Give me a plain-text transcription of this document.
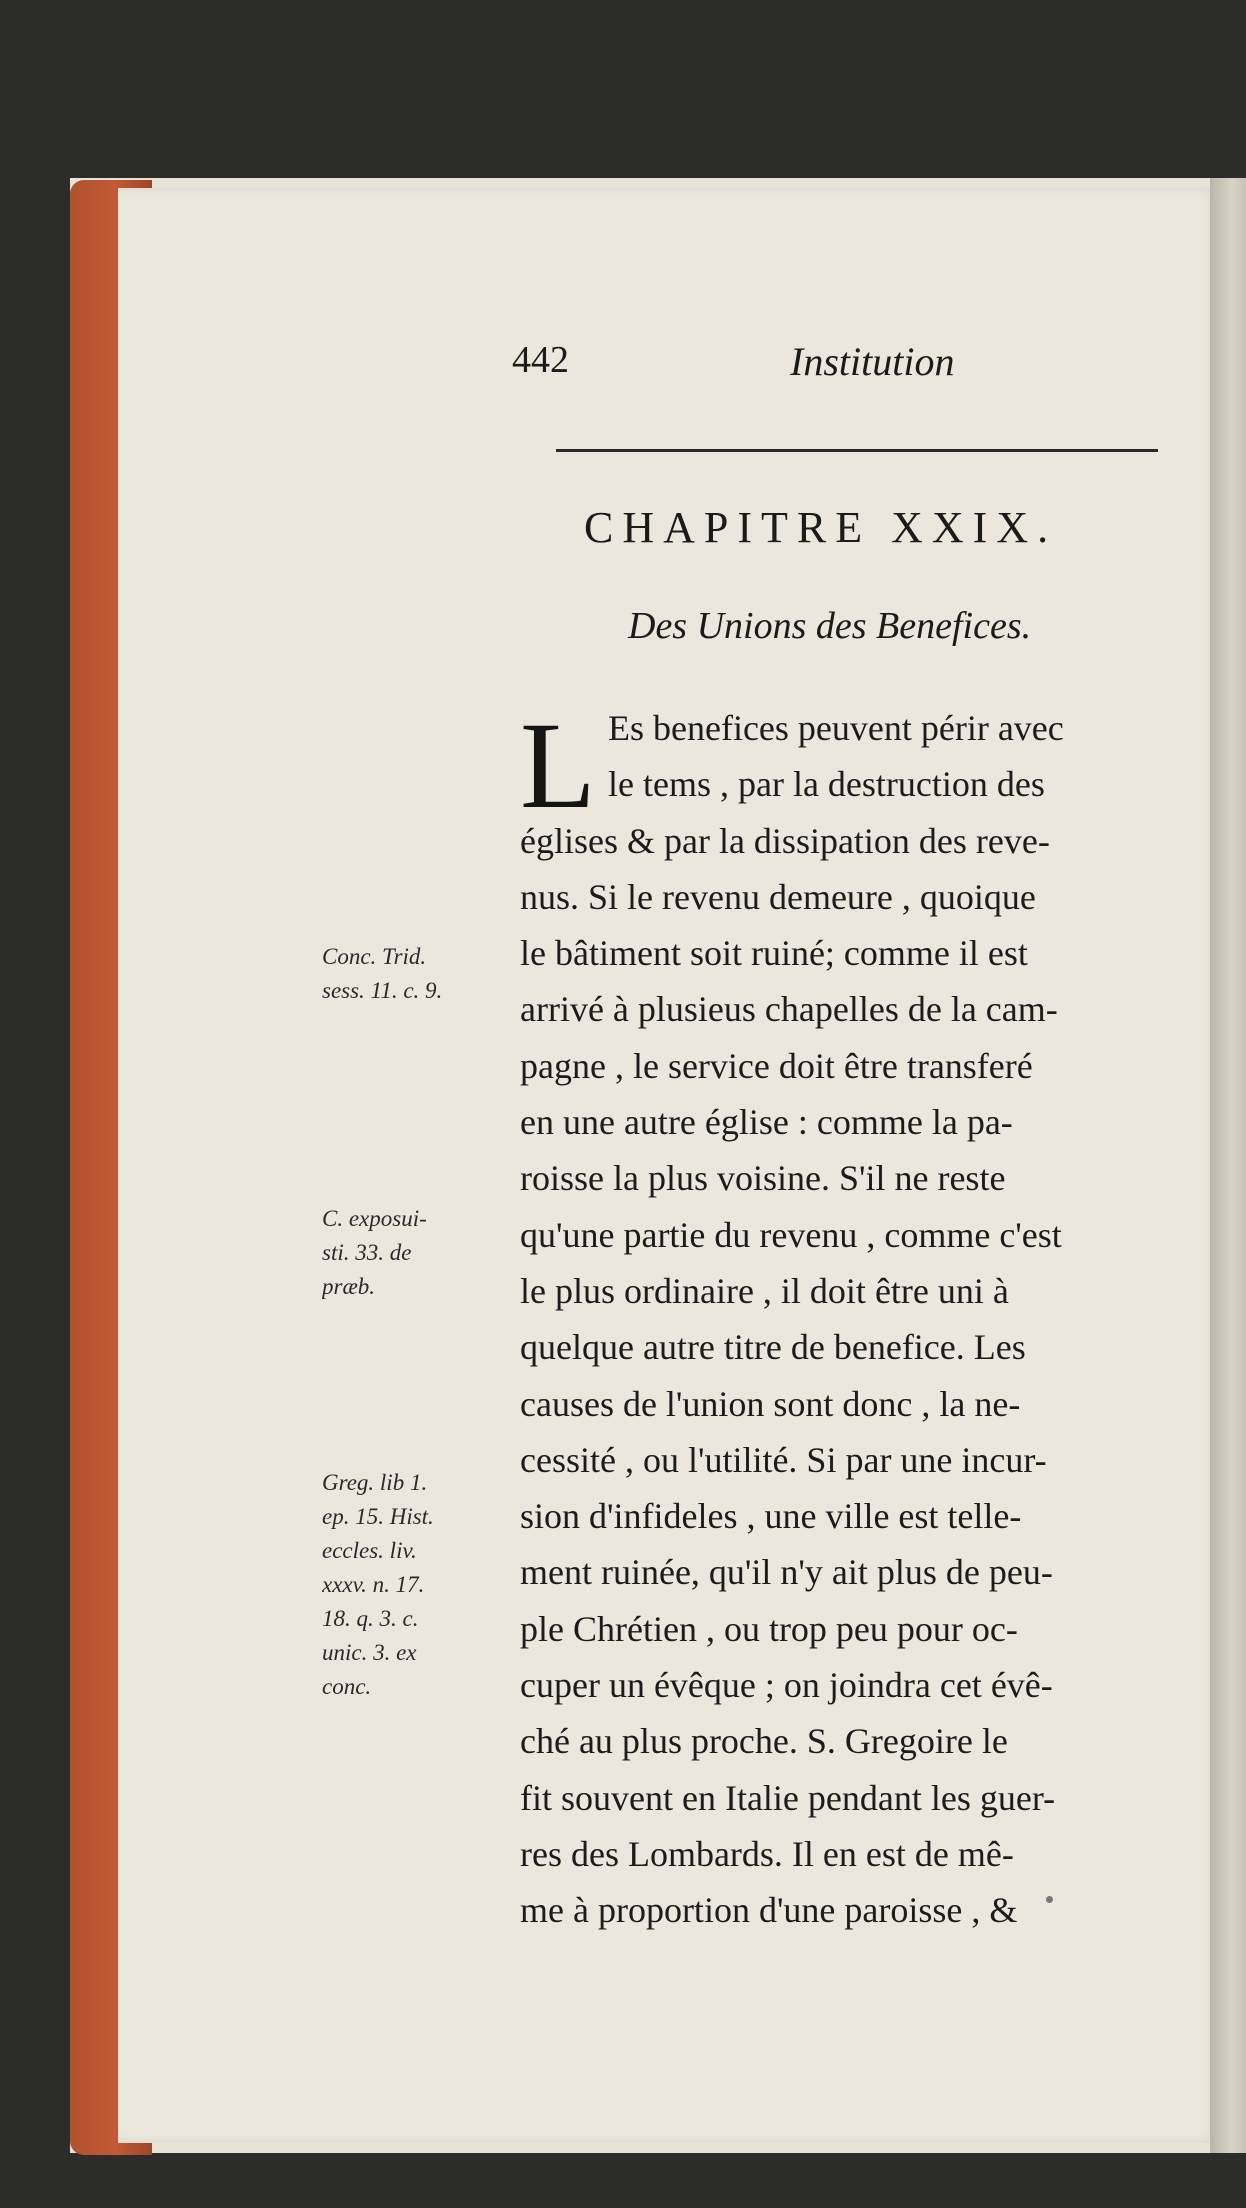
442	Institution
CHAPITRE XXIX.
Des Unions des Benefices.
L Es benefices peuvent périr avec
le tems , par la destruction des
églises & par la dissipation des reve-
nus. Si le revenu demeure , quoique
le bâtiment soit ruiné; comme il est
arrivé à plusieus chapelles de la cam-
pagne , le service doit être transferé
en une autre église : comme la pa-
roisse la plus voisine. S'il ne reste
qu'une partie du revenu , comme c'est
le plus ordinaire , il doit être uni à
quelque autre titre de benefice. Les
causes de l'union sont donc , la ne-
cessité , ou l'utilité. Si par une incur-
sion d'infideles , une ville est telle-
ment ruinée, qu'il n'y ait plus de peu-
ple Chrétien , ou trop peu pour oc-
cuper un évêque ; on joindra cet évê-
ché au plus proche. S. Gregoire le
fit souvent en Italie pendant les guer-
res des Lombards. Il en est de mê-
me à proportion d'une paroisse , &
Conc. Trid.
sess. 11. c. 9.
C. exposui-
sti. 33. de
præb.
Greg. lib 1.
ep. 15. Hist.
eccles. liv.
xxxv. n. 17.
18. q. 3. c.
unic. 3. ex
conc.
